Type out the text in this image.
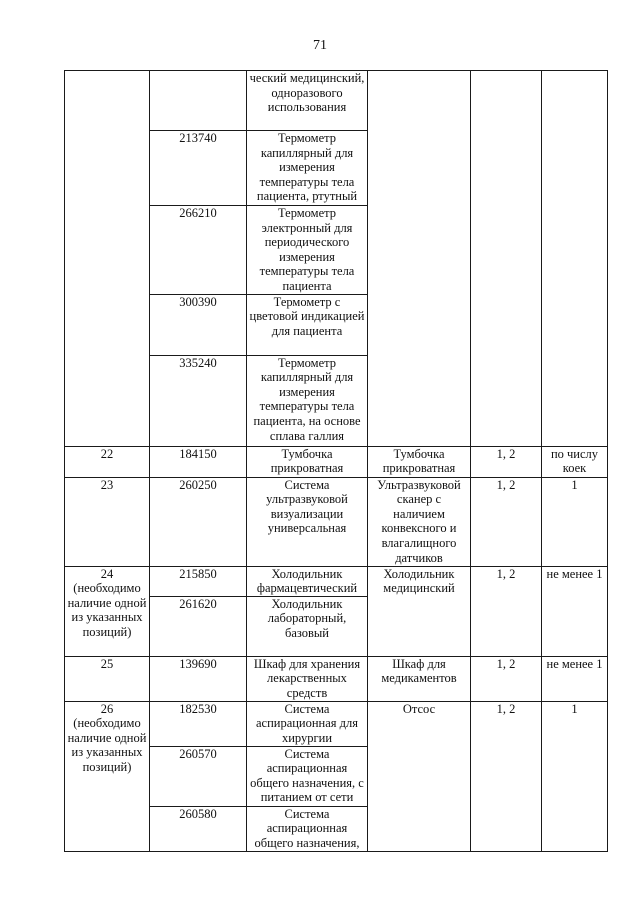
71
		ческий медицинский, одноразового использования			
	213740	Термометр капиллярный для измерения температуры тела пациента, ртутный			
	266210	Термометр электронный для периодического измерения температуры тела пациента			
	300390	Термометр с цветовой индикацией для пациента			
	335240	Термометр капиллярный для измерения температуры тела пациента, на основе сплава галлия			
22	184150	Тумбочка прикроватная	Тумбочка прикроватная	1, 2	по числу коек
23	260250	Система ультразвуковой визуализации универсальная	Ультразвуковой сканер с наличием конвексного и влагалищного датчиков	1, 2	1
24 (необходимо наличие одной из указанных позиций)	215850	Холодильник фармацевтический	Холодильник медицинский	1, 2	не менее 1
	261620	Холодильник лабораторный, базовый			
25	139690	Шкаф для хранения лекарственных средств	Шкаф для медикаментов	1, 2	не менее 1
26 (необходимо наличие одной из указанных позиций)	182530	Система аспирационная для хирургии	Отсос	1, 2	1
	260570	Система аспирационная общего назначения, с питанием от сети			
	260580	Система аспирационная общего назначения,			
